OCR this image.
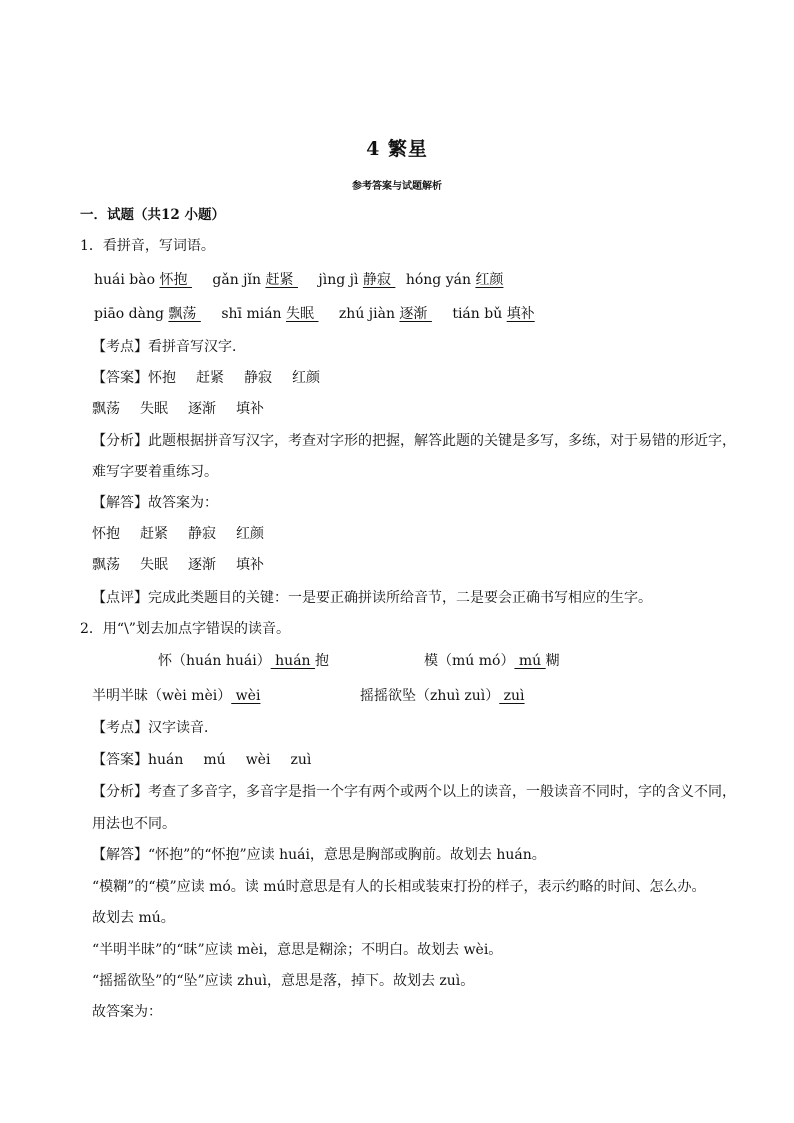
4 繁星
参考答案与试题解析
一．试题（共12 小题）
1．看拼音，写词语。
huái bào 怀抱  gǎn jǐn 赶紧  jìng jì 静寂  hóng yán 红颜
piāo dàng 飘荡  shī mián 失眠  zhú jiàn 逐渐  tián bǔ 填补
【考点】看拼音写汉字．
【答案】怀抱 赶紧 静寂 红颜
飘荡 失眠 逐渐 填补
【分析】此题根据拼音写汉字，考查对字形的把握，解答此题的关键是多写，多练，对于易错的形近字，
难写字要着重练习。
【解答】故答案为：
怀抱 赶紧 静寂 红颜
飘荡 失眠 逐渐 填补
【点评】完成此类题目的关键：一是要正确拼读所给音节，二是要会正确书写相应的生字。
2．用“\”划去加点字错误的读音。
怀（huán huái） huán 抱	模（mú mó） mú 糊
半明半昧（wèi mèi） wèi	摇摇欲坠（zhuì zuì） zuì
【考点】汉字读音．
【答案】huán mú wèi zuì
【分析】考查了多音字，多音字是指一个字有两个或两个以上的读音，一般读音不同时，字的含义不同，
用法也不同。
【解答】“怀抱”的“怀抱”应读 huái，意思是胸部或胸前。故划去 huán。
“模糊”的“模”应读 mó。读 mú时意思是有人的长相或装束打扮的样子，表示约略的时间、怎么办。
故划去 mú。
“半明半昧”的“昧”应读 mèi，意思是糊涂；不明白。故划去 wèi。
“摇摇欲坠”的“坠”应读 zhuì，意思是落，掉下。故划去 zuì。
故答案为：
